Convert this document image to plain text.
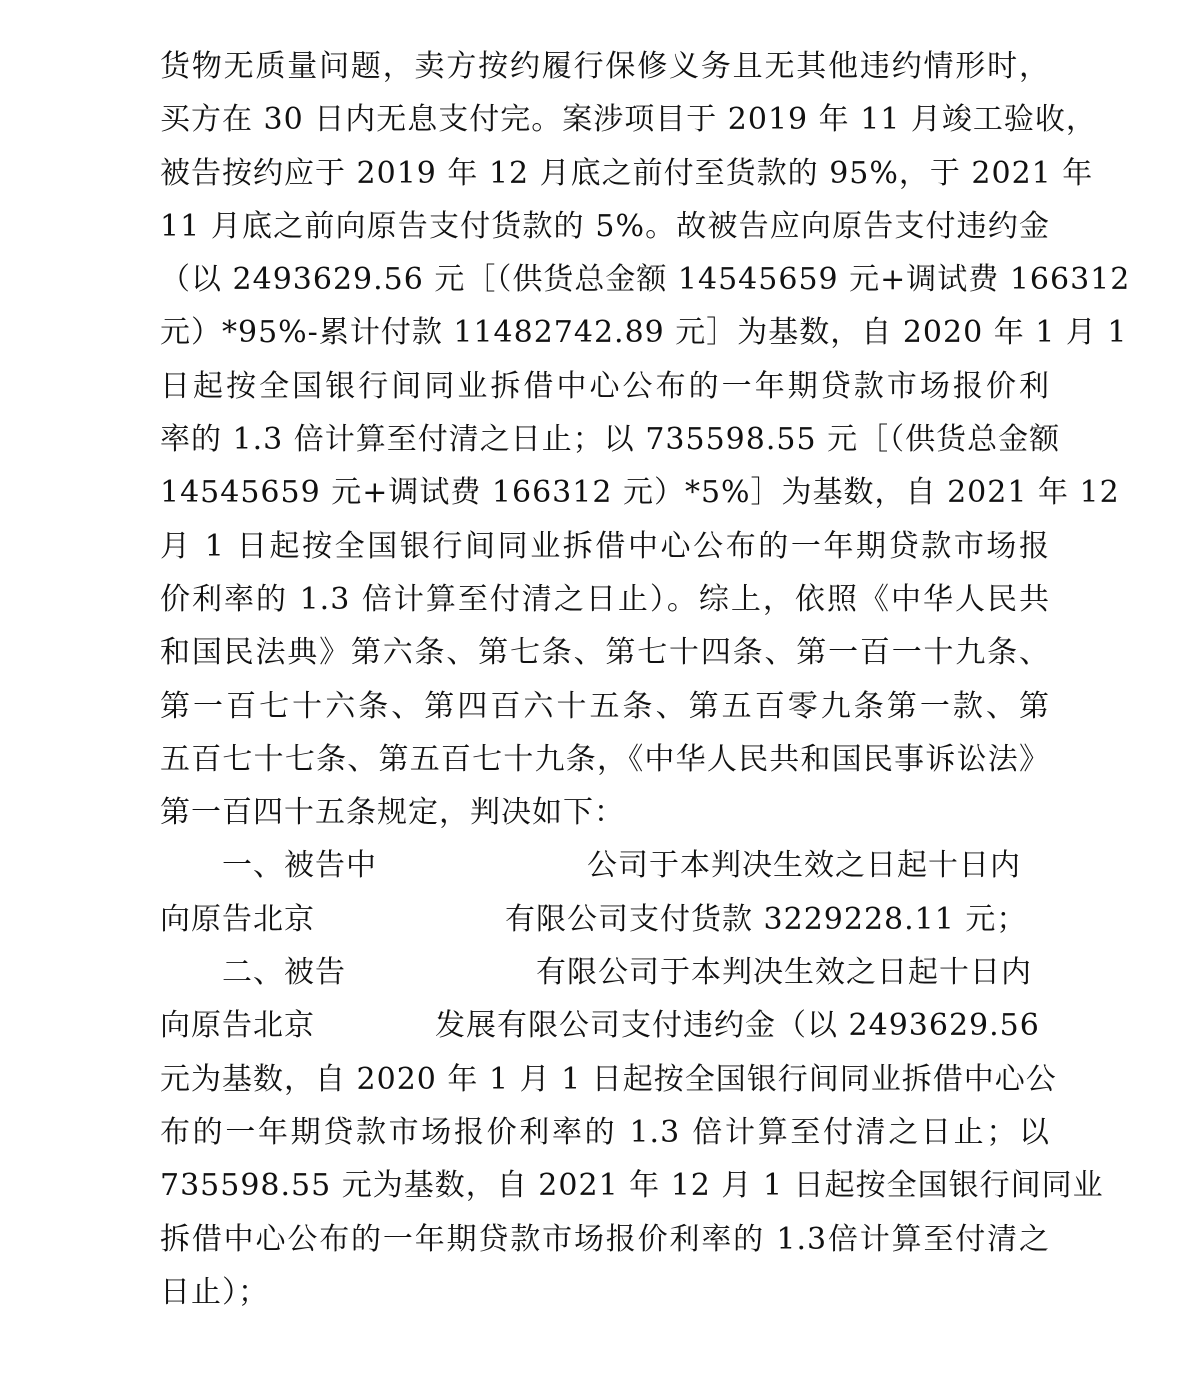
货物无质量问题，卖方按约履行保修义务且无其他违约情形时，
买方在 30 日内无息支付完。案涉项目于 2019 年 11 月竣工验收，
被告按约应于 2019 年 12 月底之前付至货款的 95%，于 2021 年
11 月底之前向原告支付货款的 5%。故被告应向原告支付违约金
（以 2493629.56 元［（供货总金额 14545659 元+调试费 166312
元）*95%-累计付款 11482742.89 元］为基数，自 2020 年 1 月 1
日起按全国银行间同业拆借中心公布的一年期贷款市场报价利
率的 1.3 倍计算至付清之日止；以 735598.55 元［（供货总金额
14545659 元+调试费 166312 元）*5%］为基数，自 2021 年 12
月 1 日起按全国银行间同业拆借中心公布的一年期贷款市场报
价利率的 1.3 倍计算至付清之日止）。综上，依照《中华人民共
和国民法典》第六条、第七条、第七十四条、第一百一十九条、
第一百七十六条、第四百六十五条、第五百零九条第一款、第
五百七十七条、第五百七十九条，《中华人民共和国民事诉讼法》
第一百四十五条规定，判决如下：
一、被告中	公司于本判决生效之日起十日内
向原告北京	有限公司支付货款 3229228.11 元；
二、被告	有限公司于本判决生效之日起十日内
向原告北京	发展有限公司支付违约金（以 2493629.56
元为基数，自 2020 年 1 月 1 日起按全国银行间同业拆借中心公
布的一年期贷款市场报价利率的 1.3 倍计算至付清之日止；以
735598.55 元为基数，自 2021 年 12 月 1 日起按全国银行间同业
拆借中心公布的一年期贷款市场报价利率的 1.3倍计算至付清之
日止）；
